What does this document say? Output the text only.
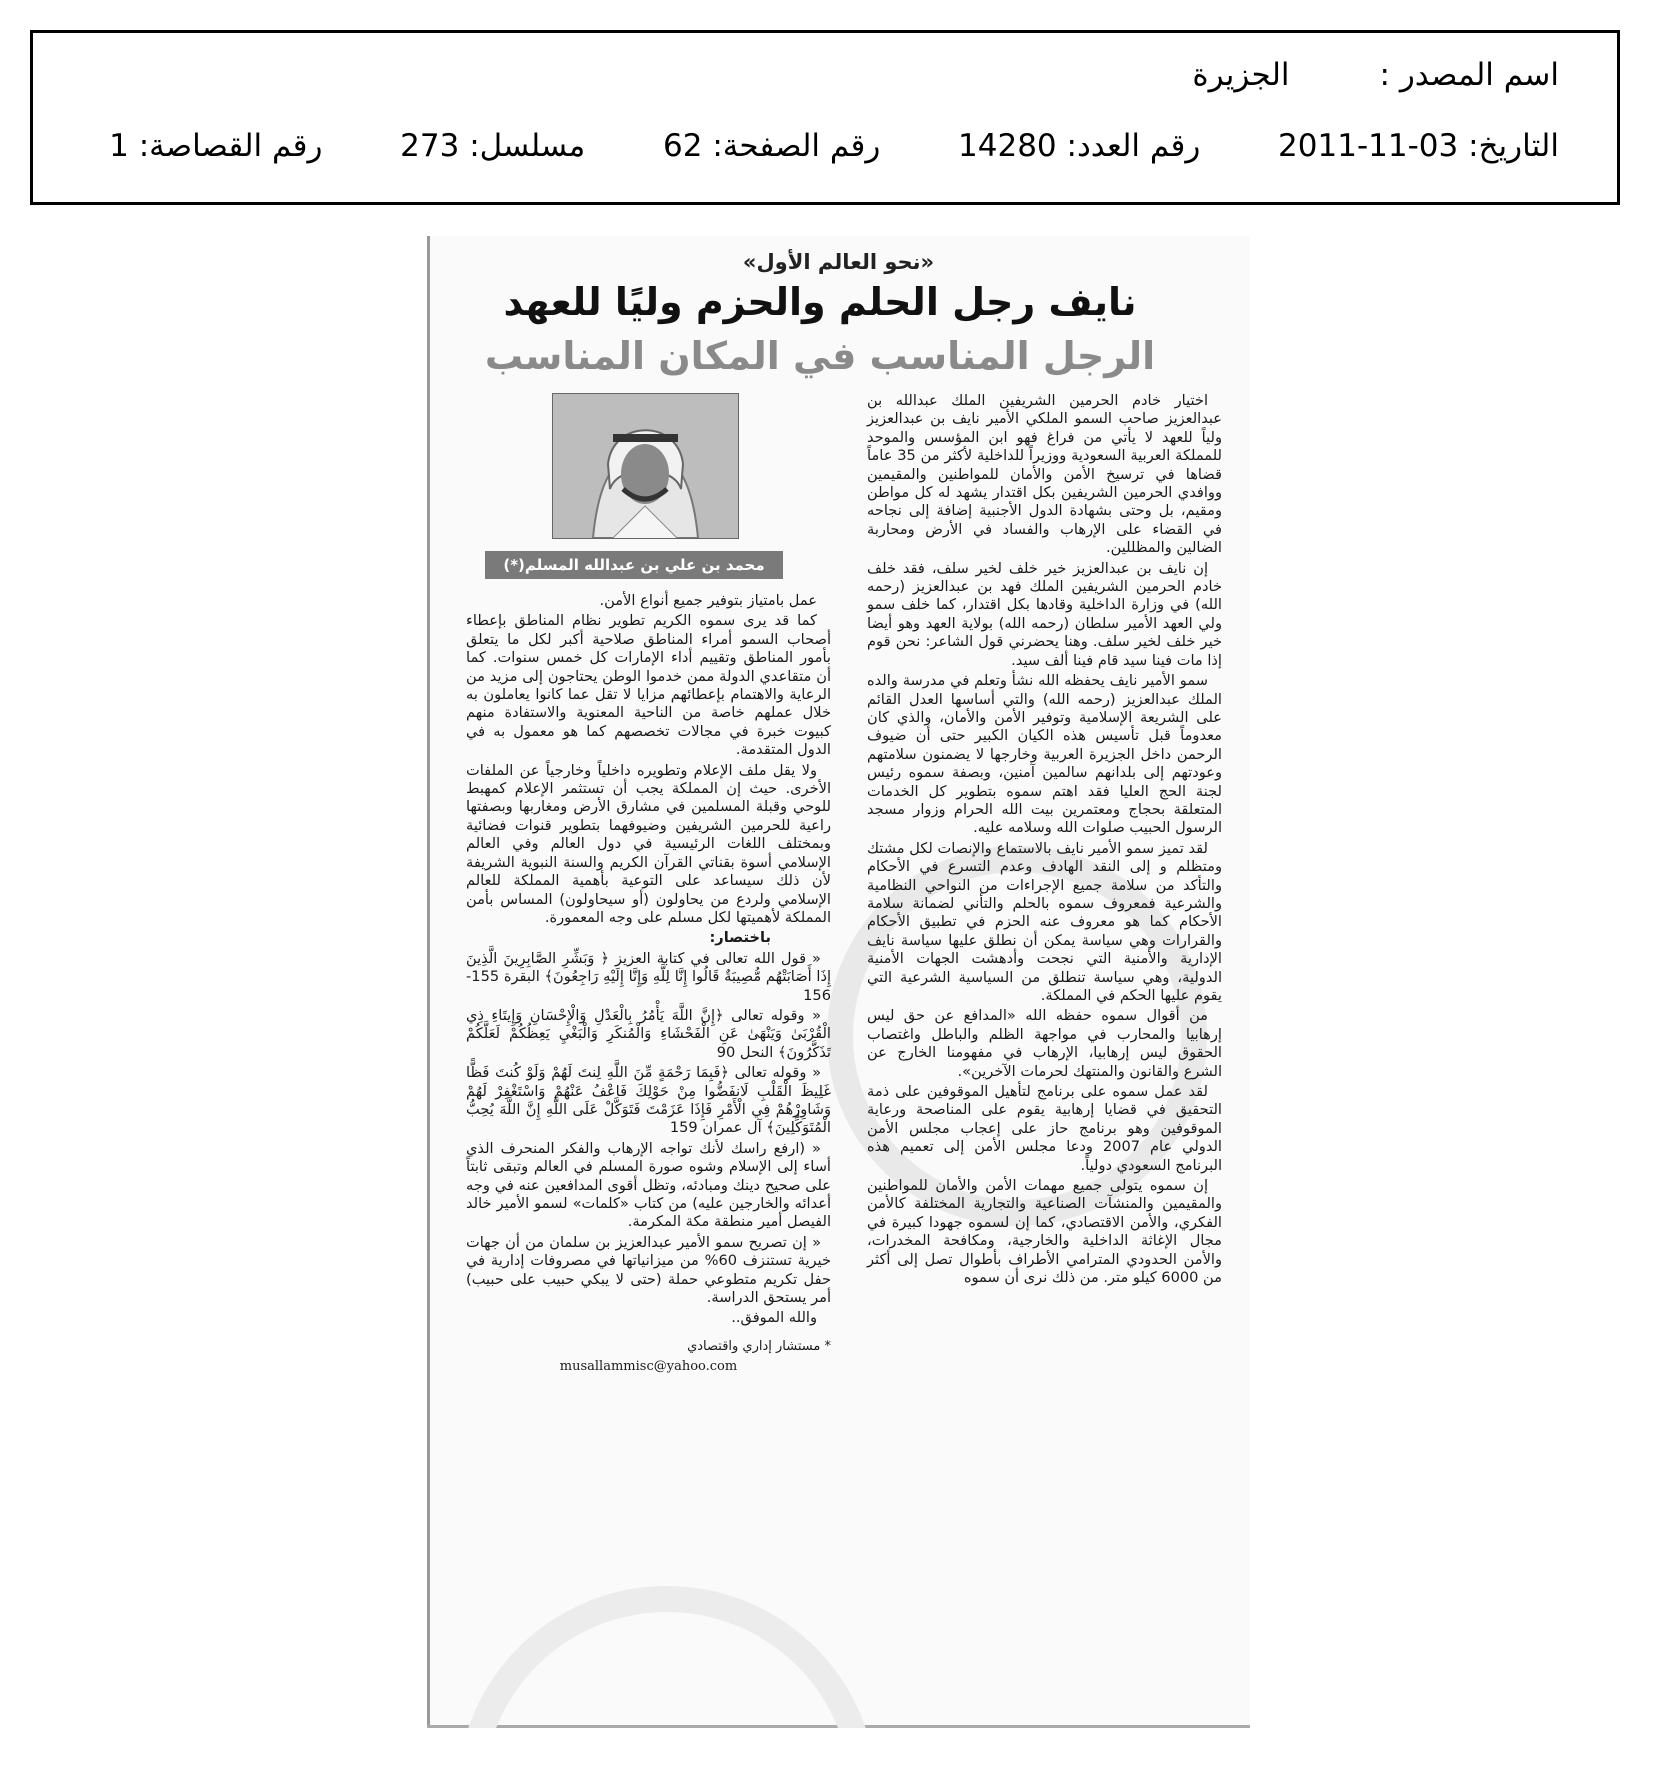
اسم المصدر :الجزيرة
التاريخ: 2011-11-03  رقم العدد: 14280  رقم الصفحة: 62  مسلسل: 273  رقم القصاصة: 1
«نحو العالم الأول»
نايف رجل الحلم والحزم وليًا للعهد
الرجل المناسب في المكان المناسب

اختيار خادم الحرمين الشريفين الملك عبدالله بن عبدالعزيز صاحب السمو الملكي الأمير نايف بن عبدالعزيز ولياً للعهد لا يأتي من فراغ فهو ابن المؤسس والموحد للمملكة العربية السعودية ووزيراً للداخلية لأكثر من 35 عاماً قضاها في ترسيخ الأمن والأمان للمواطنين والمقيمين ووافدي الحرمين الشريفين بكل اقتدار يشهد له كل مواطن ومقيم، بل وحتى بشهادة الدول الأجنبية إضافة إلى نجاحه في القضاء على الإرهاب والفساد في الأرض ومحاربة الضالين والمظللين.

إن نايف بن عبدالعزيز خير خلف لخير سلف، فقد خلف خادم الحرمين الشريفين الملك فهد بن عبدالعزيز (رحمه الله) في وزارة الداخلية وقادها بكل اقتدار، كما خلف سمو ولي العهد الأمير سلطان (رحمه الله) بولاية العهد وهو أيضا خير خلف لخير سلف. وهنا يحضرني قول الشاعر: نحن قوم إذا مات فينا سيد قام فينا ألف سيد.

سمو الأمير نايف يحفظه الله نشأ وتعلم في مدرسة والده الملك عبدالعزيز (رحمه الله) والتي أساسها العدل القائم على الشريعة الإسلامية وتوفير الأمن والأمان، والذي كان معدوماً قبل تأسيس هذه الكيان الكبير حتى أن ضيوف الرحمن داخل الجزيرة العربية وخارجها لا يضمنون سلامتهم وعودتهم إلى بلدانهم سالمين آمنين، وبصفة سموه رئيس لجنة الحج العليا فقد اهتم سموه بتطوير كل الخدمات المتعلقة بحجاج ومعتمرين بيت الله الحرام وزوار مسجد الرسول الحبيب صلوات الله وسلامه عليه.

لقد تميز سمو الأمير نايف بالاستماع والإنصات لكل مشتك ومتظلم و إلى النقد الهادف وعدم التسرع في الأحكام والتأكد من سلامة جميع الإجراءات من النواحي النظامية والشرعية فمعروف سموه بالحلم والتأني لضمانة سلامة الأحكام كما هو معروف عنه الحزم في تطبيق الأحكام والقرارات وهي سياسة يمكن أن نطلق عليها سياسة نايف الإدارية والأمنية التي نجحت وأدهشت الجهات الأمنية الدولية، وهي سياسة تنطلق من السياسية الشرعية التي يقوم عليها الحكم في المملكة.

من أقوال سموه حفظه الله «المدافع عن حق ليس إرهابيا والمحارب في مواجهة الظلم والباطل واغتصاب الحقوق ليس إرهابيا، الإرهاب في مفهومنا الخارج عن الشرع والقانون والمنتهك لحرمات الآخرين».

لقد عمل سموه على برنامج لتأهيل الموقوفين على ذمة التحقيق في قضايا إرهابية يقوم على المناصحة ورعاية الموقوفين وهو برنامج حاز على إعجاب مجلس الأمن الدولي عام 2007 ودعا مجلس الأمن إلى تعميم هذه البرنامج السعودي دولياً.

إن سموه يتولى جميع مهمات الأمن والأمان للمواطنين والمقيمين والمنشآت الصناعية والتجارية المختلفة كالأمن الفكري، والأمن الاقتصادي، كما إن لسموه جهودا كبيرة في مجال الإغاثة الداخلية والخارجية، ومكافحة المخدرات، والأمن الحدودي المترامي الأطراف بأطوال تصل إلى أكثر من 6000 كيلو متر. من ذلك نرى أن سموه

محمد بن علي بن عبدالله المسلم(*)

عمل بامتياز بتوفير جميع أنواع الأمن.

كما قد يرى سموه الكريم تطوير نظام المناطق بإعطاء أصحاب السمو أمراء المناطق صلاحية أكبر لكل ما يتعلق بأمور المناطق وتقييم أداء الإمارات كل خمس سنوات. كما أن متقاعدي الدولة ممن خدموا الوطن يحتاجون إلى مزيد من الرعاية والاهتمام بإعطائهم مزايا لا تقل عما كانوا يعاملون به خلال عملهم خاصة من الناحية المعنوية والاستفادة منهم كبيوت خبرة في مجالات تخصصهم كما هو معمول به في الدول المتقدمة.

ولا يقل ملف الإعلام وتطويره داخلياً وخارجياً عن الملفات الأخرى. حيث إن المملكة يجب أن تستثمر الإعلام كمهبط للوحي وقبلة المسلمين في مشارق الأرض ومغاربها وبصفتها راعية للحرمين الشريفين وضيوفهما بتطوير قنوات فضائية وبمختلف اللغات الرئيسية في دول العالم وفي العالم الإسلامي أسوة بقناتي القرآن الكريم والسنة النبوية الشريفة لأن ذلك سيساعد على التوعية بأهمية المملكة للعالم الإسلامي ولردع من يحاولون (أو سيحاولون) المساس بأمن المملكة لأهميتها لكل مسلم على وجه المعمورة.

باختصار:

« قول الله تعالى في كتابة العزيز ﴿ وَبَشِّرِ الصَّابِرِينَ الَّذِينَ إِذَا أَصَابَتْهُم مُّصِيبَةٌ قَالُوا إِنَّا لِلَّهِ وَإِنَّا إِلَيْهِ رَاجِعُونَ﴾ البقرة 155-156

« وقوله تعالى ﴿إِنَّ اللَّهَ يَأْمُرُ بِالْعَدْلِ وَالْإِحْسَانِ وَإِيتَاءِ ذِي الْقُرْبَىٰ وَيَنْهَىٰ عَنِ الْفَحْشَاءِ وَالْمُنكَرِ وَالْبَغْيِ يَعِظُكُمْ لَعَلَّكُمْ تَذَكَّرُونَ﴾ النحل 90

« وقوله تعالى ﴿فَبِمَا رَحْمَةٍ مِّنَ اللَّهِ لِنتَ لَهُمْ وَلَوْ كُنتَ فَظًّا غَلِيظَ الْقَلْبِ لَانفَضُّوا مِنْ حَوْلِكَ فَاعْفُ عَنْهُمْ وَاسْتَغْفِرْ لَهُمْ وَشَاوِرْهُمْ فِي الْأَمْرِ فَإِذَا عَزَمْتَ فَتَوَكَّلْ عَلَى اللَّهِ إِنَّ اللَّهَ يُحِبُّ الْمُتَوَكِّلِينَ﴾ آل عمران 159

« (ارفع راسك لأنك تواجه الإرهاب والفكر المنحرف الذي أساء إلى الإسلام وشوه صورة المسلم في العالم وتبقى ثابتاً على صحيح دينك ومبادئه، وتظل أقوى المدافعين عنه في وجه أعدائه والخارجين عليه) من كتاب «كلمات» لسمو الأمير خالد الفيصل أمير منطقة مكة المكرمة.

« إن تصريح سمو الأمير عبدالعزيز بن سلمان من أن جهات خيرية تستنزف 60% من ميزانياتها في مصروفات إدارية في حفل تكريم متطوعي حملة (حتى لا يبكي حبيب على حبيب) أمر يستحق الدراسة.

والله الموفق..

* مستشار إداري واقتصادي
musallammisc@yahoo.com
